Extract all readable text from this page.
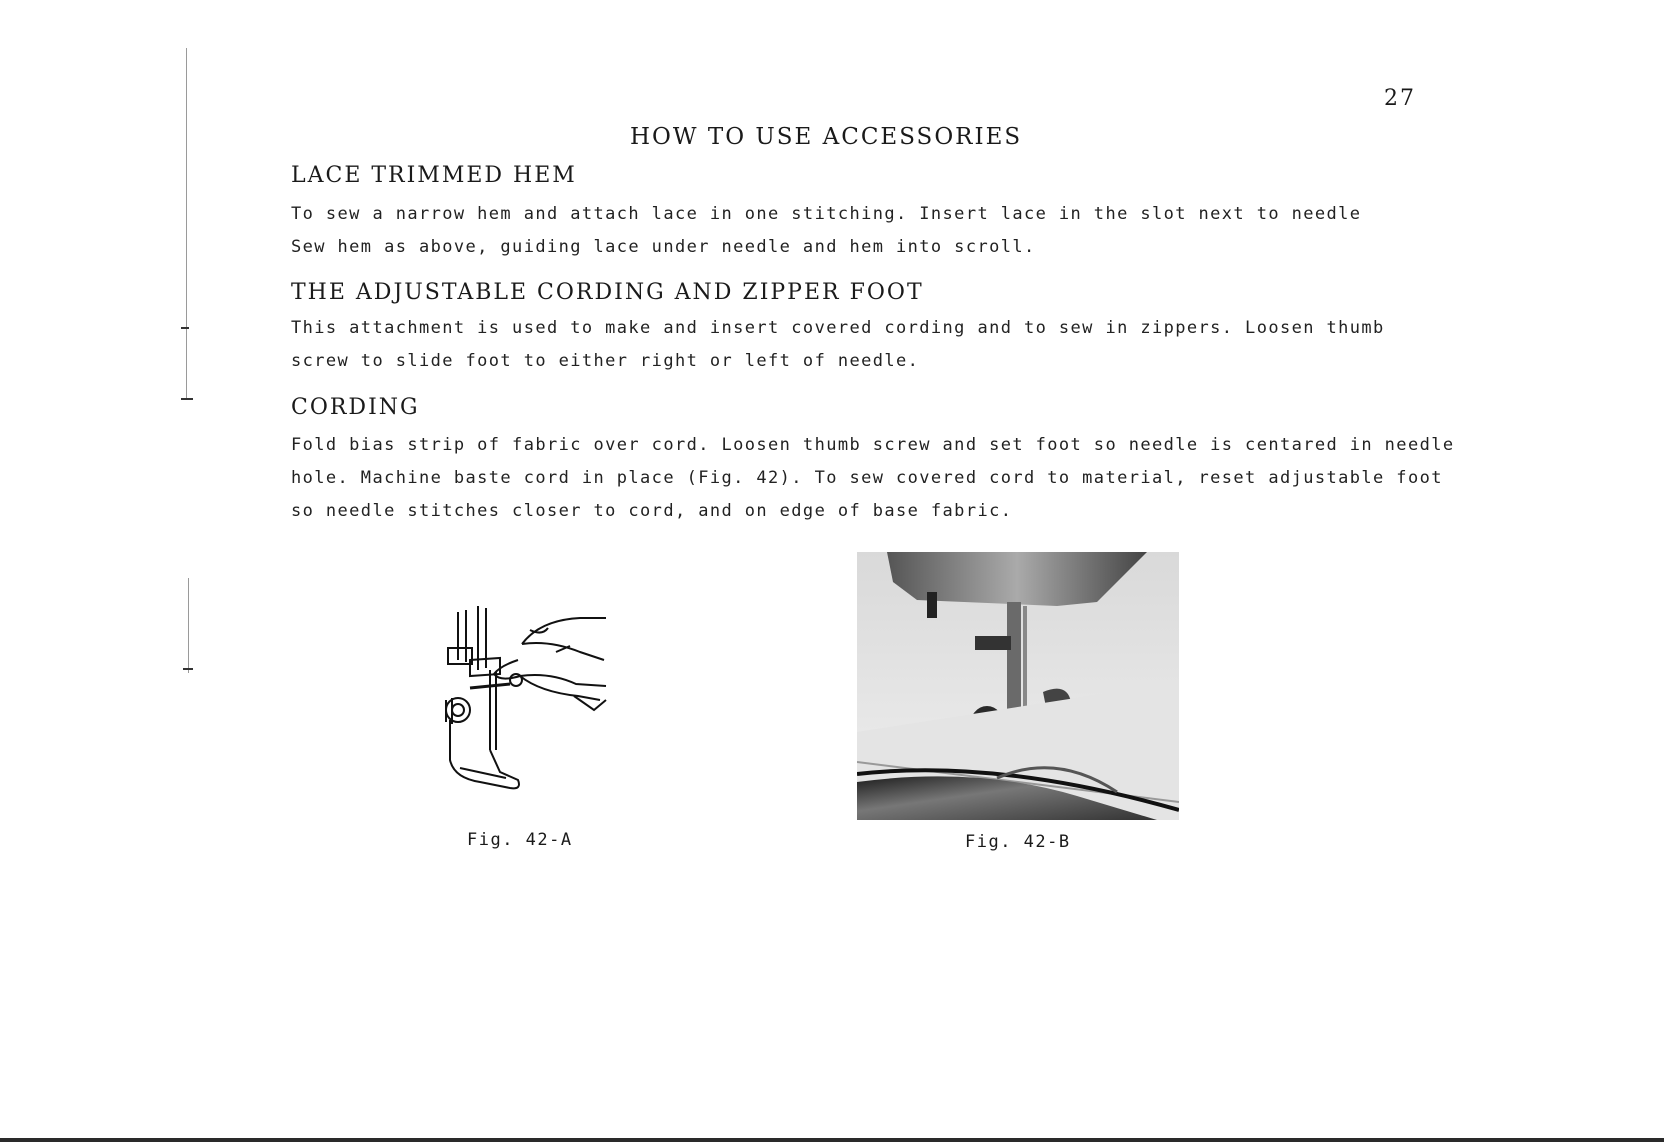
27
HOW TO USE ACCESSORIES
LACE TRIMMED HEM
To sew a narrow hem and attach lace in one stitching. Insert lace in the slot next to needle
Sew hem as above, guiding lace under needle and hem into scroll.
THE ADJUSTABLE CORDING AND ZIPPER FOOT
This attachment is used to make and insert covered cording and to sew in zippers. Loosen thumb
screw to slide foot to either right or left of needle.
CORDING
Fold bias strip of fabric over cord. Loosen thumb screw and set foot so needle is centared in needle
hole. Machine baste cord in place (Fig. 42). To sew covered cord to material, reset adjustable foot
so needle stitches closer to cord, and on edge of base fabric.
Fig. 42-A	Fig. 42-B
